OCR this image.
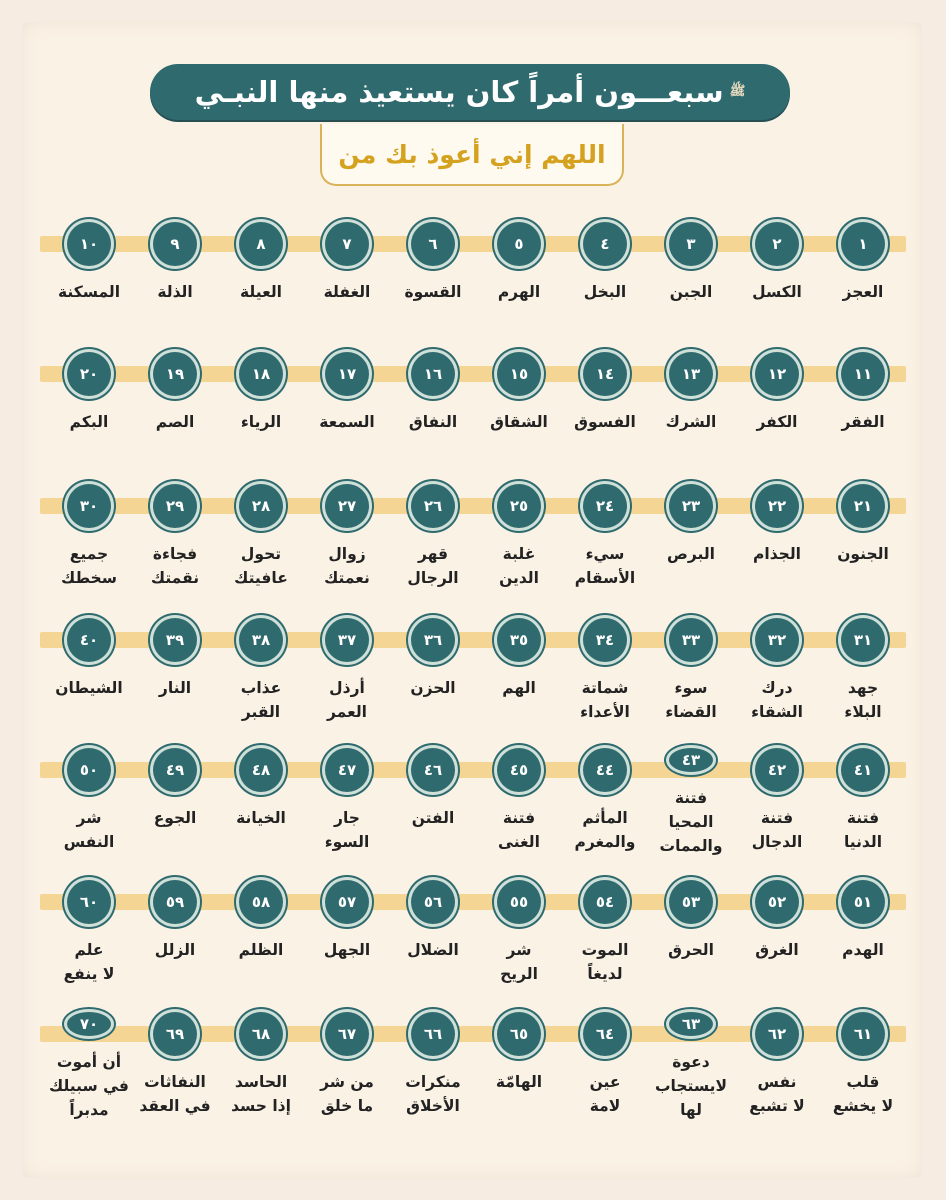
سبعـــون أمراً كان يستعيذ منها النبـي ﷺ
اللهم إني أعوذ بك من
١
العجز
٢
الكسل
٣
الجبن
٤
البخل
٥
الهرم
٦
القسوة
٧
الغفلة
٨
العيلة
٩
الذلة
١٠
المسكنة
١١
الفقر
١٢
الكفر
١٣
الشرك
١٤
الفسوق
١٥
الشقاق
١٦
النفاق
١٧
السمعة
١٨
الرياء
١٩
الصم
٢٠
البكم
٢١
الجنون
٢٢
الجذام
٢٣
البرص
٢٤
سيء
الأسقام
٢٥
غلبة
الدين
٢٦
قهر
الرجال
٢٧
زوال
نعمتك
٢٨
تحول
عافيتك
٢٩
فجاءة
نقمتك
٣٠
جميع
سخطك
٣١
جهد
البلاء
٣٢
درك
الشقاء
٣٣
سوء
القضاء
٣٤
شماتة
الأعداء
٣٥
الهم
٣٦
الحزن
٣٧
أرذل
العمر
٣٨
عذاب
القبر
٣٩
النار
٤٠
الشيطان
٤١
فتنة
الدنيا
٤٢
فتنة
الدجال
٤٣
فتنة
المحيا
والممات
٤٤
المأثم
والمغرم
٤٥
فتنة
الغنى
٤٦
الفتن
٤٧
جار
السوء
٤٨
الخيانة
٤٩
الجوع
٥٠
شر
النفس
٥١
الهدم
٥٢
الغرق
٥٣
الحرق
٥٤
الموت
لديغاً
٥٥
شر
الريح
٥٦
الضلال
٥٧
الجهل
٥٨
الظلم
٥٩
الزلل
٦٠
علم
لا ينفع
٦١
قلب
لا يخشع
٦٢
نفس
لا تشبع
٦٣
دعوة
لايستجاب
لها
٦٤
عين
لامة
٦٥
الهامّة
٦٦
منكرات
الأخلاق
٦٧
من شر
ما خلق
٦٨
الحاسد
إذا حسد
٦٩
النفاثات
في العقد
٧٠
أن أموت
في سبيلك
مدبراً
